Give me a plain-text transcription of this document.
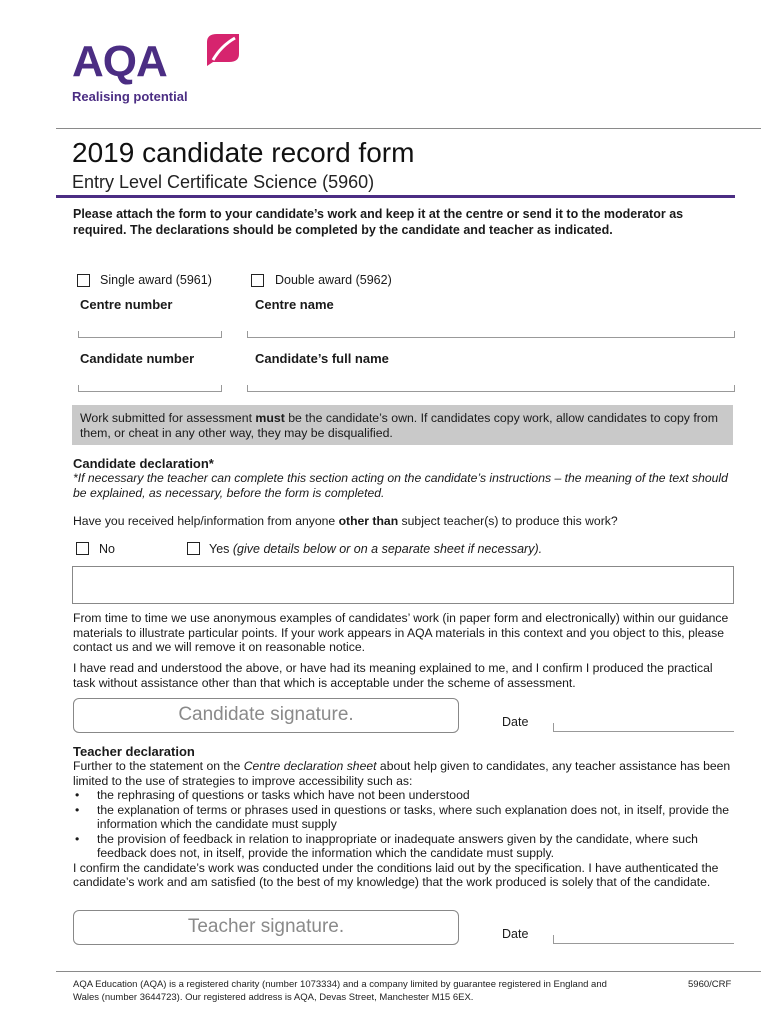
AQA
Realising potential
2019 candidate record form
Entry Level Certificate Science (5960)
Please attach the form to your candidate’s work and keep it at the centre or send it to the moderator as required. The declarations should be completed by the candidate and teacher as indicated.
Single award (5961)	Double award (5962)
Centre number	Centre name
Candidate number	Candidate’s full name
Work submitted for assessment must be the candidate’s own. If candidates copy work, allow candidates to copy from them, or cheat in any other way, they may be disqualified.
Candidate declaration*
*If necessary the teacher can complete this section acting on the candidate’s instructions – the meaning of the text should be explained, as necessary, before the form is completed.
Have you received help/information from anyone other than subject teacher(s) to produce this work?
No	Yes (give details below or on a separate sheet if necessary).
From time to time we use anonymous examples of candidates’ work (in paper form and electronically) within our guidance materials to illustrate particular points. If your work appears in AQA materials in this context and you object to this, please contact us and we will remove it on reasonable notice.
I have read and understood the above, or have had its meaning explained to me, and I confirm I produced the practical task without assistance other than that which is acceptable under the scheme of assessment.
Candidate signature.	Date
Teacher declaration
Further to the statement on the Centre declaration sheet about help given to candidates, any teacher assistance has been limited to the use of strategies to improve accessibility such as:
• the rephrasing of questions or tasks which have not been understood
• the explanation of terms or phrases used in questions or tasks, where such explanation does not, in itself, provide the information which the candidate must supply
• the provision of feedback in relation to inappropriate or inadequate answers given by the candidate, where such feedback does not, in itself, provide the information which the candidate must supply.
I confirm the candidate’s work was conducted under the conditions laid out by the specification. I have authenticated the candidate’s work and am satisfied (to the best of my knowledge) that the work produced is solely that of the candidate.
Teacher signature.	Date
AQA Education (AQA) is a registered charity (number 1073334) and a company limited by guarantee registered in England and Wales (number 3644723). Our registered address is AQA, Devas Street, Manchester M15 6EX.
5960/CRF
